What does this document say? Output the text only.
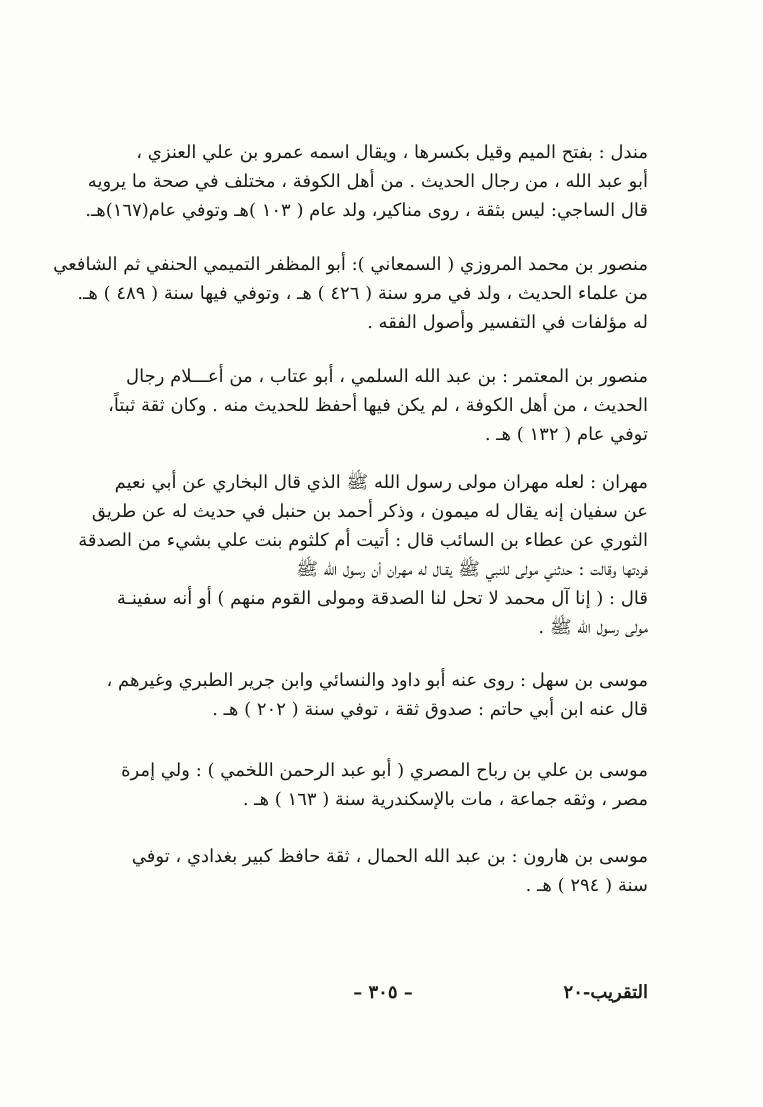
مندل : بفتح الميم وقيل بكسرها ، ويقال اسمه عمرو بن علي العنزي ،
أبو عبد الله ، من رجال الحديث . من أهل الكوفة ، مختلف في صحة ما يرويه
قال الساجي: ليس بثقة ، روى مناكير، ولد عام ( ١٠٣ )هـ وتوفي عام(١٦٧)هـ.
منصور بن محمد المروزي ( السمعاني ): أبو المظفر التميمي الحنفي ثم الشافعي
من علماء الحديث ، ولد في مرو سنة ( ٤٢٦ ) هـ ، وتوفي فيها سنة ( ٤٨٩ ) هـ.
له مؤلفات في التفسير وأصول الفقه .
منصور بن المعتمر : بن عبد الله السلمي ، أبو عتاب ، من أعـــلام رجال
الحديث ، من أهل الكوفة ، لم يكن فيها أحفظ للحديث منه . وكان ثقة ثبتاً،
توفي عام ( ١٣٢ ) هـ .
مهران : لعله مهران مولى رسول الله ﷺ الذي قال البخاري عن أبي نعيم
عن سفيان إنه يقال له ميمون ، وذكر أحمد بن حنبل في حديث له عن طريق
الثوري عن عطاء بن السائب قال : أتيت أم كلثوم بنت علي بشيء من الصدقة
فردتها وقالت : حدثني مولى للنبي ﷺ يقـال له مهران أن رسول الله ﷺ
قال : ( إنا آل محمد لا تحل لنا الصدقة ومولى القوم منهم ) أو أنه سفينـة
مولى رسول الله ﷺ .
موسى بن سهل : روى عنه أبو داود والنسائي وابن جرير الطبري وغيرهم ،
قال عنه ابن أبي حاتم : صدوق ثقة ، توفي سنة ( ٢٠٢ ) هـ .
موسى بن علي بن رباح المصري ( أبو عبد الرحمن اللخمي ) : ولي إمرة
مصر ، وثقه جماعة ، مات بالإسكندرية سنة ( ١٦٣ ) هـ .
موسى بن هارون : بن عبد الله الحمال ، ثقة حافظ كبير بغدادي ، توفي
سنة ( ٢٩٤ ) هـ .
التقريب-٢٠
– ٣٠٥ –
